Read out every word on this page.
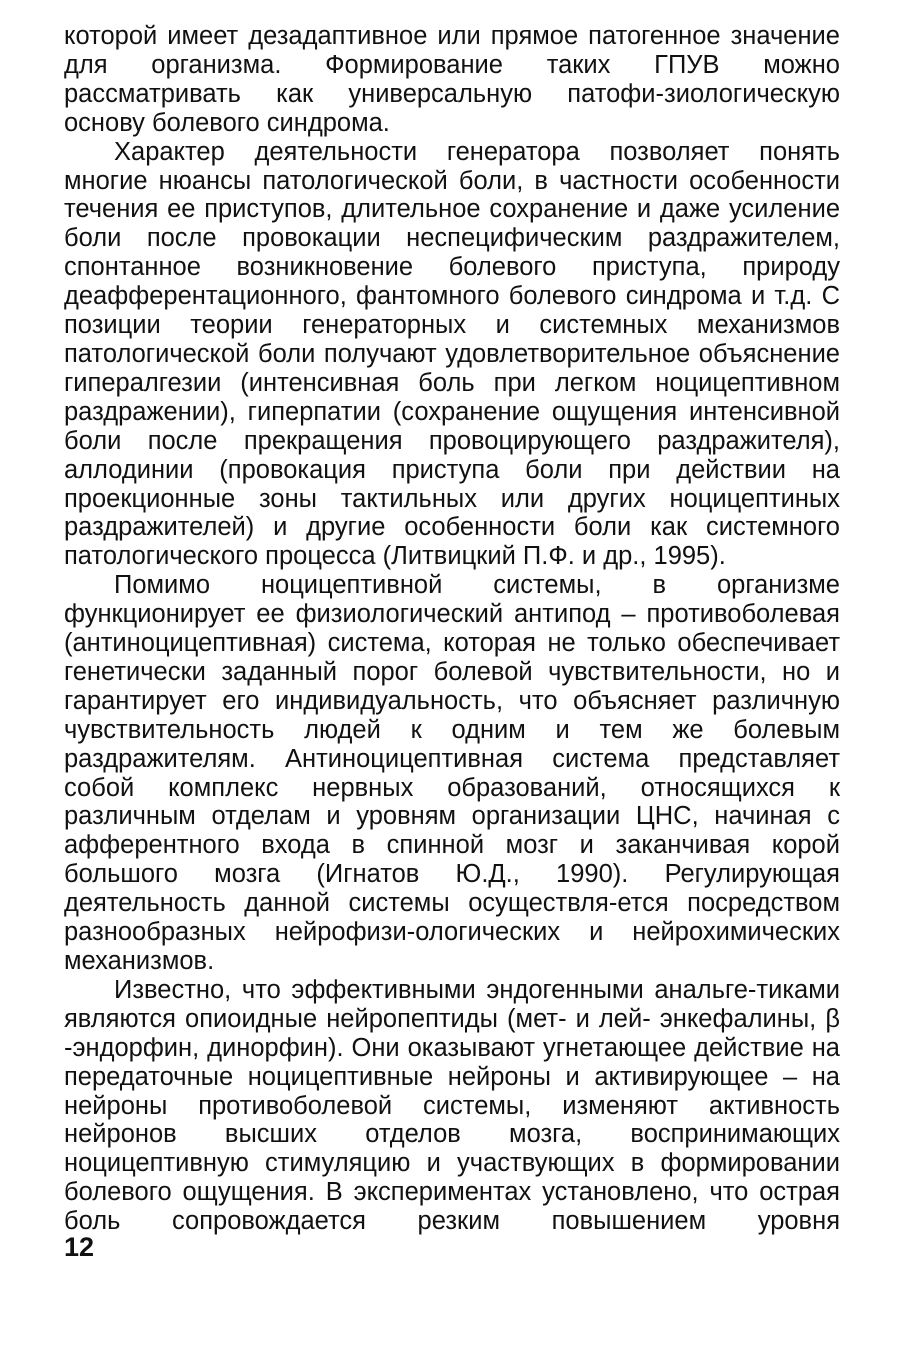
которой имеет дезадаптивное или прямое патогенное значение для организма. Формирование таких ГПУВ можно рассматривать как универсальную патофи-зиологическую основу болевого синдрома.

Характер деятельности генератора позволяет понять многие нюансы патологической боли, в частности особенности течения ее приступов, длительное сохранение и даже усиление боли после провокации неспецифическим раздражителем, спонтанное возникновение болевого приступа, природу деафферентационного, фантомного болевого синдрома и т.д. С позиции теории генераторных и системных механизмов патологической боли получают удовлетворительное объяснение гипералгезии (интенсивная боль при легком ноцицептивном раздражении), гиперпатии (сохранение ощущения интенсивной боли после прекращения провоцирующего раздражителя), аллодинии (провокация приступа боли при действии на проекционные зоны тактильных или других ноцицептиных раздражителей) и другие особенности боли как системного патологического процесса (Литвицкий П.Ф. и др., 1995).

Помимо ноцицептивной системы, в организме функционирует ее физиологический антипод – противоболевая (антиноцицептивная) система, которая не только обеспечивает генетически заданный порог болевой чувствительности, но и гарантирует его индивидуальность, что объясняет различную чувствительность людей к одним и тем же болевым раздражителям. Антиноцицептивная система представляет собой комплекс нервных образований, относящихся к различным отделам и уровням организации ЦНС, начиная с афферентного входа в спинной мозг и заканчивая корой большого мозга (Игнатов Ю.Д., 1990). Регулирующая деятельность данной системы осуществля-ется посредством разнообразных нейрофизи-ологических и нейрохимических механизмов.

Известно, что эффективными эндогенными анальге-тиками являются опиоидные нейропептиды (мет- и лей- энкефалины, β -эндорфин, динорфин). Они оказывают угнетающее действие на передаточные ноцицептивные нейроны и активирующее – на нейроны противоболевой системы, изменяют активность нейронов высших отделов мозга, воспринимающих ноцицептивную стимуляцию и участвующих в формировании болевого ощущения. В экспериментах установлено, что острая боль сопровождается резким повышением уровня

12
